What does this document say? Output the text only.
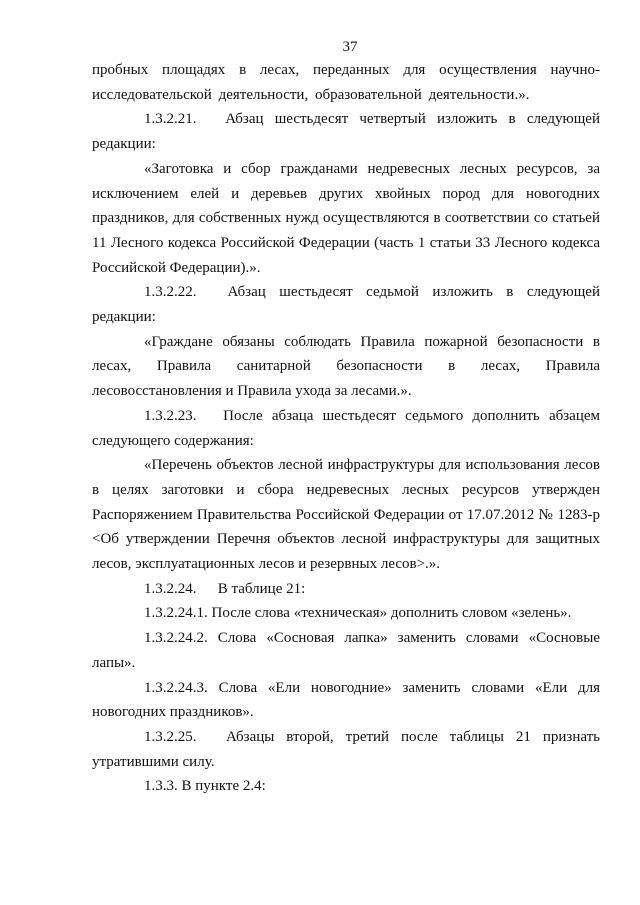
37

пробных площадях в лесах, переданных для осуществления научно-исследовательской деятельности, образовательной деятельности.».

1.3.2.21. Абзац шестьдесят четвертый изложить в следующей редакции:

«Заготовка и сбор гражданами недревесных лесных ресурсов, за исключением елей и деревьев других хвойных пород для новогодних праздников, для собственных нужд осуществляются в соответствии со статьей 11 Лесного кодекса Российской Федерации (часть 1 статьи 33 Лесного кодекса Российской Федерации).».

1.3.2.22. Абзац шестьдесят седьмой изложить в следующей редакции:

«Граждане обязаны соблюдать Правила пожарной безопасности в лесах, Правила санитарной безопасности в лесах, Правила лесовосстановления и Правила ухода за лесами.».

1.3.2.23. После абзаца шестьдесят седьмого дополнить абзацем следующего содержания:

«Перечень объектов лесной инфраструктуры для использования лесов в целях заготовки и сбора недревесных лесных ресурсов утвержден Распоряжением Правительства Российской Федерации от 17.07.2012 № 1283-р <Об утверждении Перечня объектов лесной инфраструктуры для защитных лесов, эксплуатационных лесов и резервных лесов>.».

1.3.2.24. В таблице 21:

1.3.2.24.1. После слова «техническая» дополнить словом «зелень».

1.3.2.24.2. Слова «Сосновая лапка» заменить словами «Сосновые лапы».

1.3.2.24.3. Слова «Ели новогодние» заменить словами «Ели для новогодних праздников».

1.3.2.25. Абзацы второй, третий после таблицы 21 признать утратившими силу.

1.3.3. В пункте 2.4:
